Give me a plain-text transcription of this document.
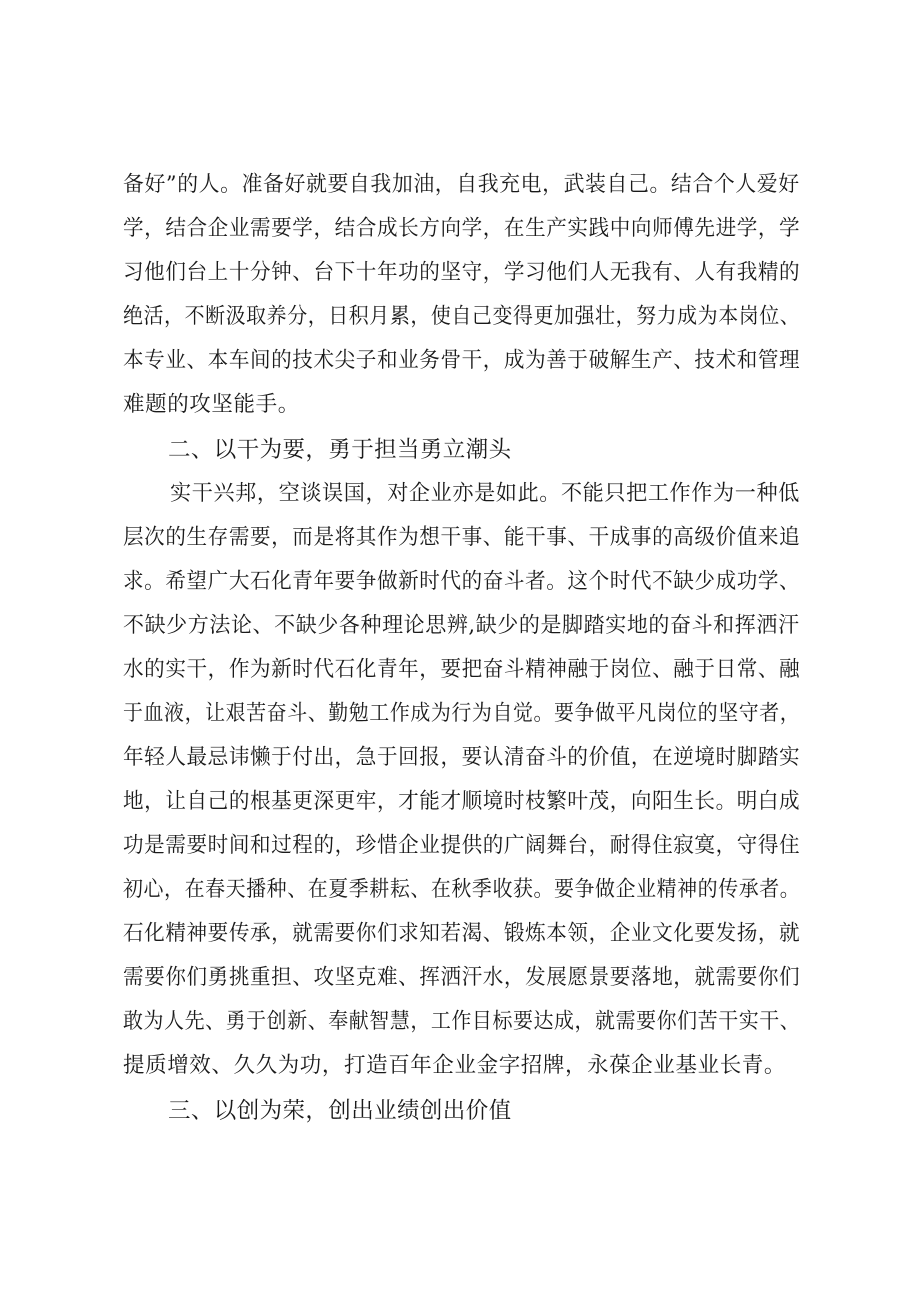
备好”的人。准备好就要自我加油，自我充电，武装自己。结合个人爱好
学，结合企业需要学，结合成长方向学，在生产实践中向师傅先进学，学
习他们台上十分钟、台下十年功的坚守，学习他们人无我有、人有我精的
绝活，不断汲取养分，日积月累，使自己变得更加强壮，努力成为本岗位、
本专业、本车间的技术尖子和业务骨干，成为善于破解生产、技术和管理
难题的攻坚能手。
二、以干为要，勇于担当勇立潮头
实干兴邦，空谈误国，对企业亦是如此。不能只把工作作为一种低
层次的生存需要，而是将其作为想干事、能干事、干成事的高级价值来追
求。希望广大石化青年要争做新时代的奋斗者。这个时代不缺少成功学、
不缺少方法论、不缺少各种理论思辨,缺少的是脚踏实地的奋斗和挥洒汗
水的实干，作为新时代石化青年，要把奋斗精神融于岗位、融于日常、融
于血液，让艰苦奋斗、勤勉工作成为行为自觉。要争做平凡岗位的坚守者，
年轻人最忌讳懒于付出，急于回报，要认清奋斗的价值，在逆境时脚踏实
地，让自己的根基更深更牢，才能才顺境时枝繁叶茂，向阳生长。明白成
功是需要时间和过程的，珍惜企业提供的广阔舞台，耐得住寂寞，守得住
初心，在春天播种、在夏季耕耘、在秋季收获。要争做企业精神的传承者。
石化精神要传承，就需要你们求知若渴、锻炼本领，企业文化要发扬，就
需要你们勇挑重担、攻坚克难、挥洒汗水，发展愿景要落地，就需要你们
敢为人先、勇于创新、奉献智慧，工作目标要达成，就需要你们苦干实干、
提质增效、久久为功，打造百年企业金字招牌，永葆企业基业长青。
三、以创为荣，创出业绩创出价值
